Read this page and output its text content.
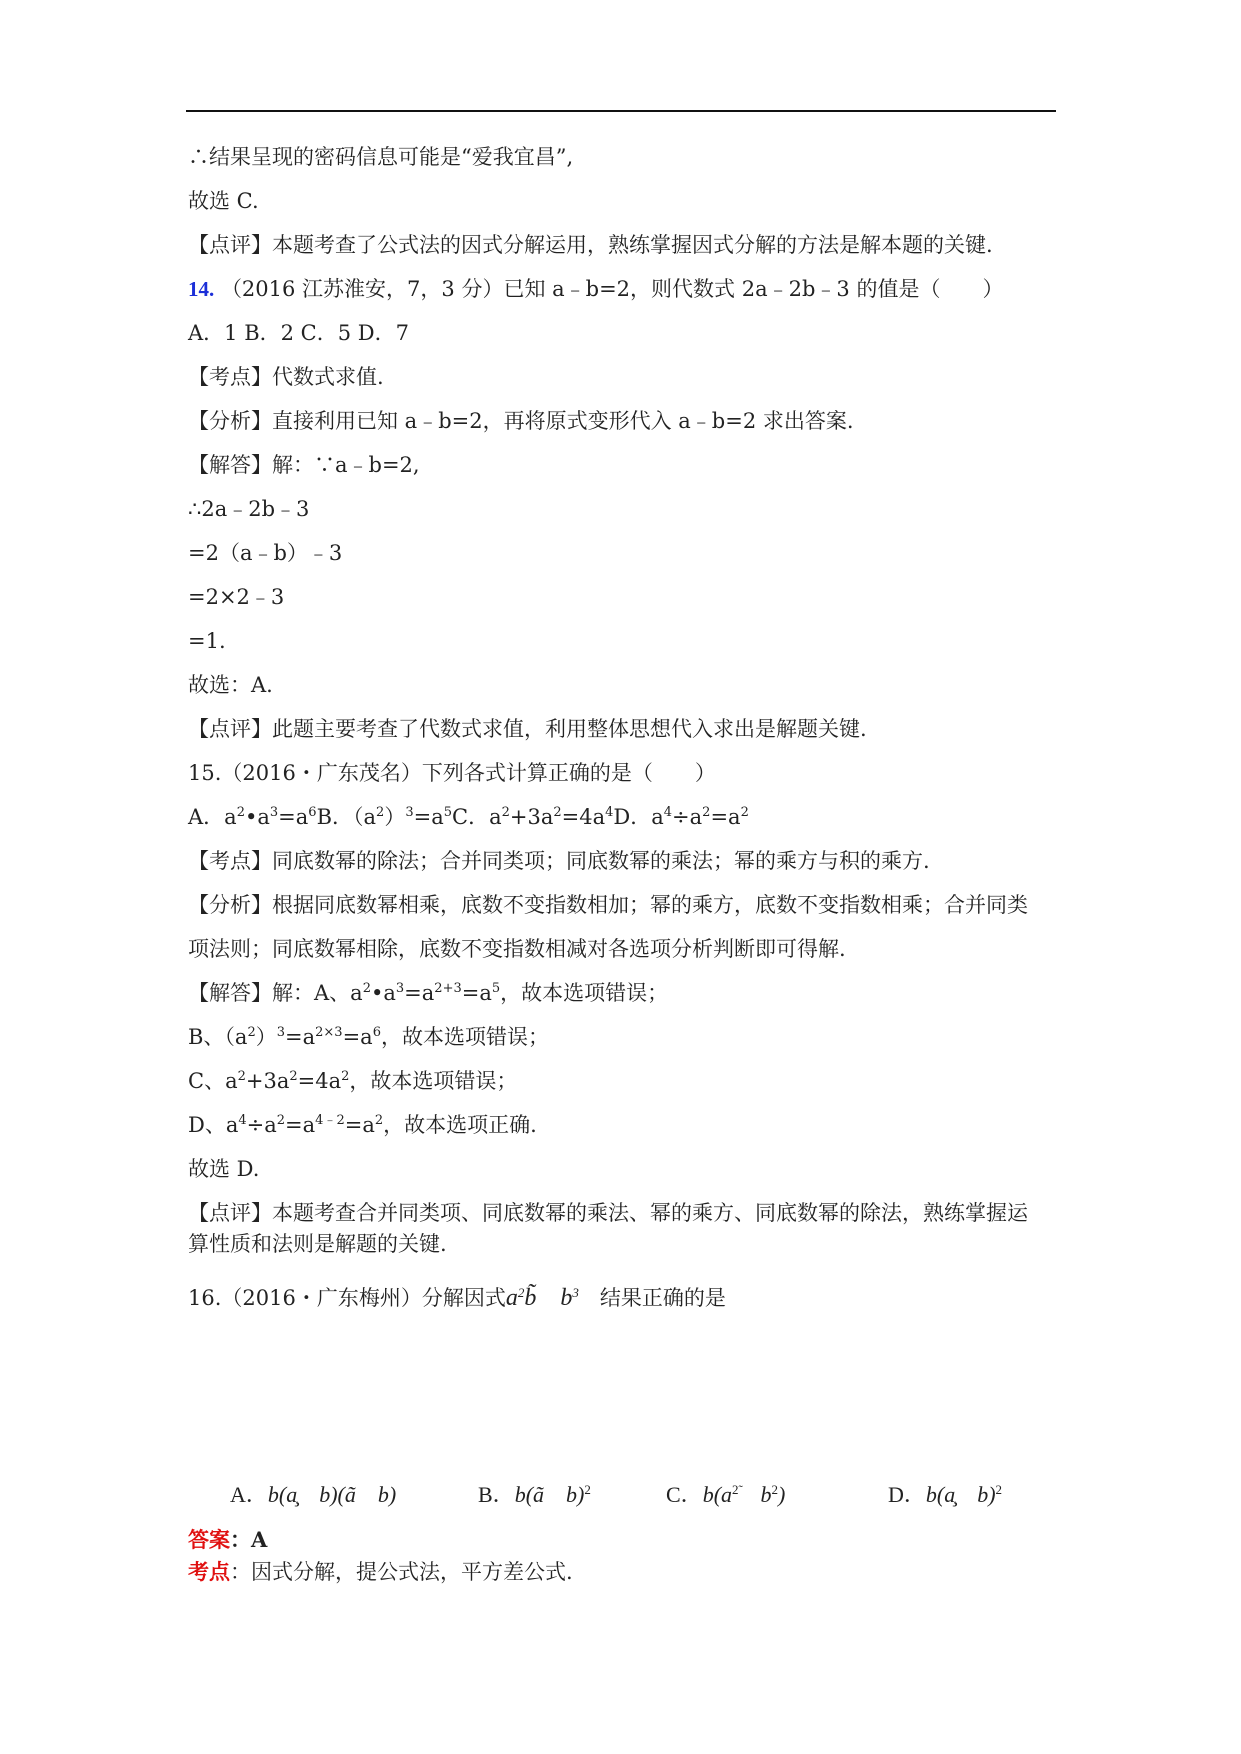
∴结果呈现的密码信息可能是“爱我宜昌”,
故选 C.
【点评】本题考查了公式法的因式分解运用，熟练掌握因式分解的方法是解本题的关键.
14. （2016 江苏淮安，7，3 分）已知 a﹣b=2，则代数式 2a﹣2b﹣3 的值是（　　）
A．1 B．2 C．5 D．7
【考点】代数式求值.
【分析】直接利用已知 a﹣b=2，再将原式变形代入 a﹣b=2 求出答案.
【解答】解：∵a﹣b=2,
∴2a﹣2b﹣3
=2（a﹣b）﹣3
=2×2﹣3
=1.
故选：A.
【点评】此题主要考查了代数式求值，利用整体思想代入求出是解题关键.
15.（2016・广东茂名）下列各式计算正确的是（　　）
A．$a^2•a^3=a^6B$．$(a^2)^3=a^5C$．$a^2+3a^2=4a^4D$．$a^4\div a^2=a^2$
【考点】同底数幂的除法；合并同类项；同底数幂的乘法；幂的乘方与积的乘方.
【分析】根据同底数幂相乘，底数不变指数相加；幂的乘方，底数不变指数相乘；合并同类
项法则；同底数幂相除，底数不变指数相减对各选项分析判断即可得解.
【解答】解：A、$a^2•a^3=a^{2+3}=a^5$，故本选项错误；
B、$(a^2)^3=a^{2\times 3}=a^6$，故本选项错误；
C、$a^2+3a^2=4a^2$，故本选项错误；
D、$a^4\div a^2=a^{4﹣2}=a^2$，故本选项正确.
故选 D.
【点评】本题考查合并同类项、同底数幂的乘法、幂的乘方、同底数幂的除法，熟练掌握运
算性质和法则是解题的关键.
16.（2016・广东梅州）分解因式$a^2b̃$　 $b^3$　 结果正确的是
A．b(a̧　b)(ã　b)	B．b(ã　b)$^2$	C．$b(a^{2̃}$　$b^2$)	D．b(a̧　b)$^2$
答案：A
考点：因式分解，提公式法，平方差公式.
